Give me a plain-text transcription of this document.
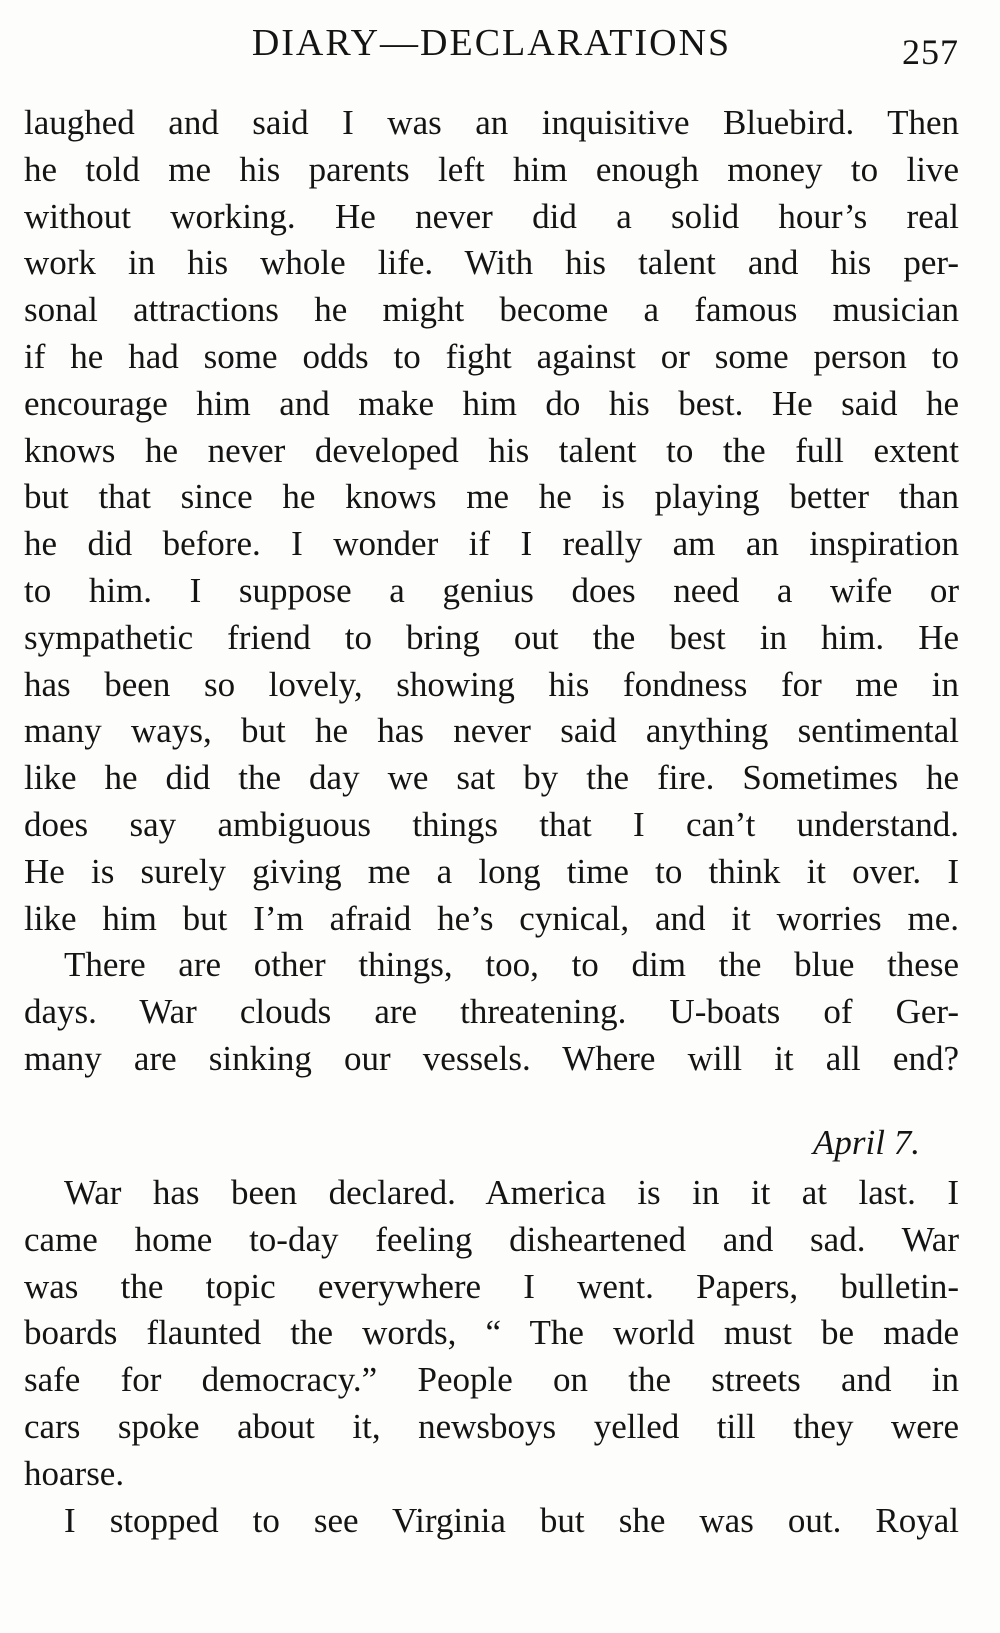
DIARY—DECLARATIONS	257
laughed and said I was an inquisitive Bluebird. Then
he told me his parents left him enough money to live
without working. He never did a solid hour’s real
work in his whole life. With his talent and his per-
sonal attractions he might become a famous musician
if he had some odds to fight against or some person to
encourage him and make him do his best. He said he
knows he never developed his talent to the full extent
but that since he knows me he is playing better than
he did before. I wonder if I really am an inspiration
to him. I suppose a genius does need a wife or
sympathetic friend to bring out the best in him. He
has been so lovely, showing his fondness for me in
many ways, but he has never said anything sentimental
like he did the day we sat by the fire. Sometimes he
does say ambiguous things that I can’t understand.
He is surely giving me a long time to think it over. I
like him but I’m afraid he’s cynical, and it worries me.
There are other things, too, to dim the blue these
days. War clouds are threatening. U-boats of Ger-
many are sinking our vessels. Where will it all end?
April 7.
War has been declared. America is in it at last. I
came home to-day feeling disheartened and sad. War
was the topic everywhere I went. Papers, bulletin-
boards flaunted the words, “ The world must be made
safe for democracy.” People on the streets and in
cars spoke about it, newsboys yelled till they were
hoarse.
I stopped to see Virginia but she was out. Royal
